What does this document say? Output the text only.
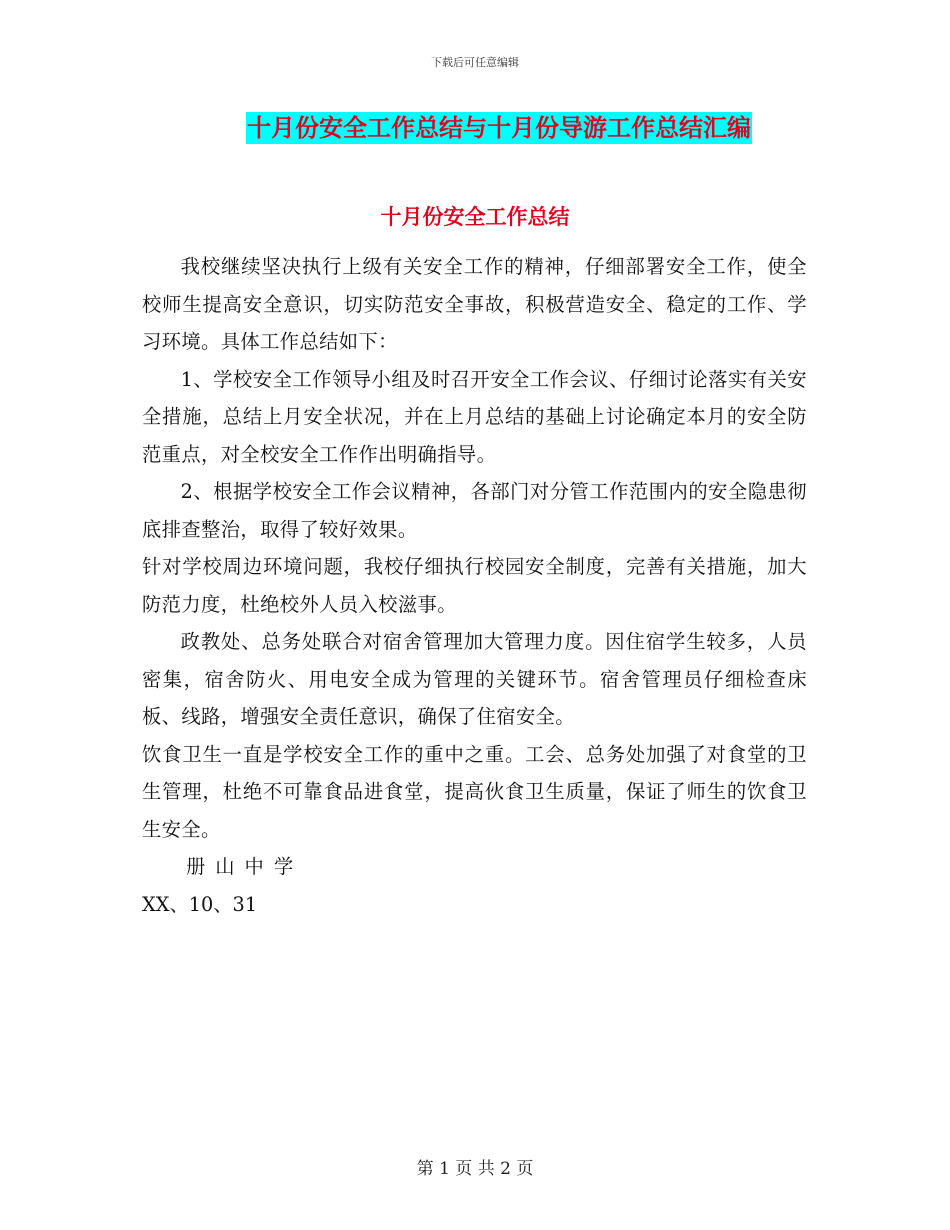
下载后可任意编辑
十月份安全工作总结与十月份导游工作总结汇编
十月份安全工作总结

我校继续坚决执行上级有关安全工作的精神，仔细部署安全工作，使全校师生提高安全意识，切实防范安全事故，积极营造安全、稳定的工作、学习环境。具体工作总结如下：

1、学校安全工作领导小组及时召开安全工作会议、仔细讨论落实有关安全措施，总结上月安全状况，并在上月总结的基础上讨论确定本月的安全防范重点，对全校安全工作作出明确指导。

2、根据学校安全工作会议精神，各部门对分管工作范围内的安全隐患彻底排查整治，取得了较好效果。

针对学校周边环境问题，我校仔细执行校园安全制度，完善有关措施，加大防范力度，杜绝校外人员入校滋事。

政教处、总务处联合对宿舍管理加大管理力度。因住宿学生较多，人员密集，宿舍防火、用电安全成为管理的关键环节。宿舍管理员仔细检查床板、线路，增强安全责任意识，确保了住宿安全。

饮食卫生一直是学校安全工作的重中之重。工会、总务处加强了对食堂的卫生管理，杜绝不可靠食品进食堂，提高伙食卫生质量，保证了师生的饮食卫生安全。

册山中学

XX、10、31

第 1 页 共 2 页
